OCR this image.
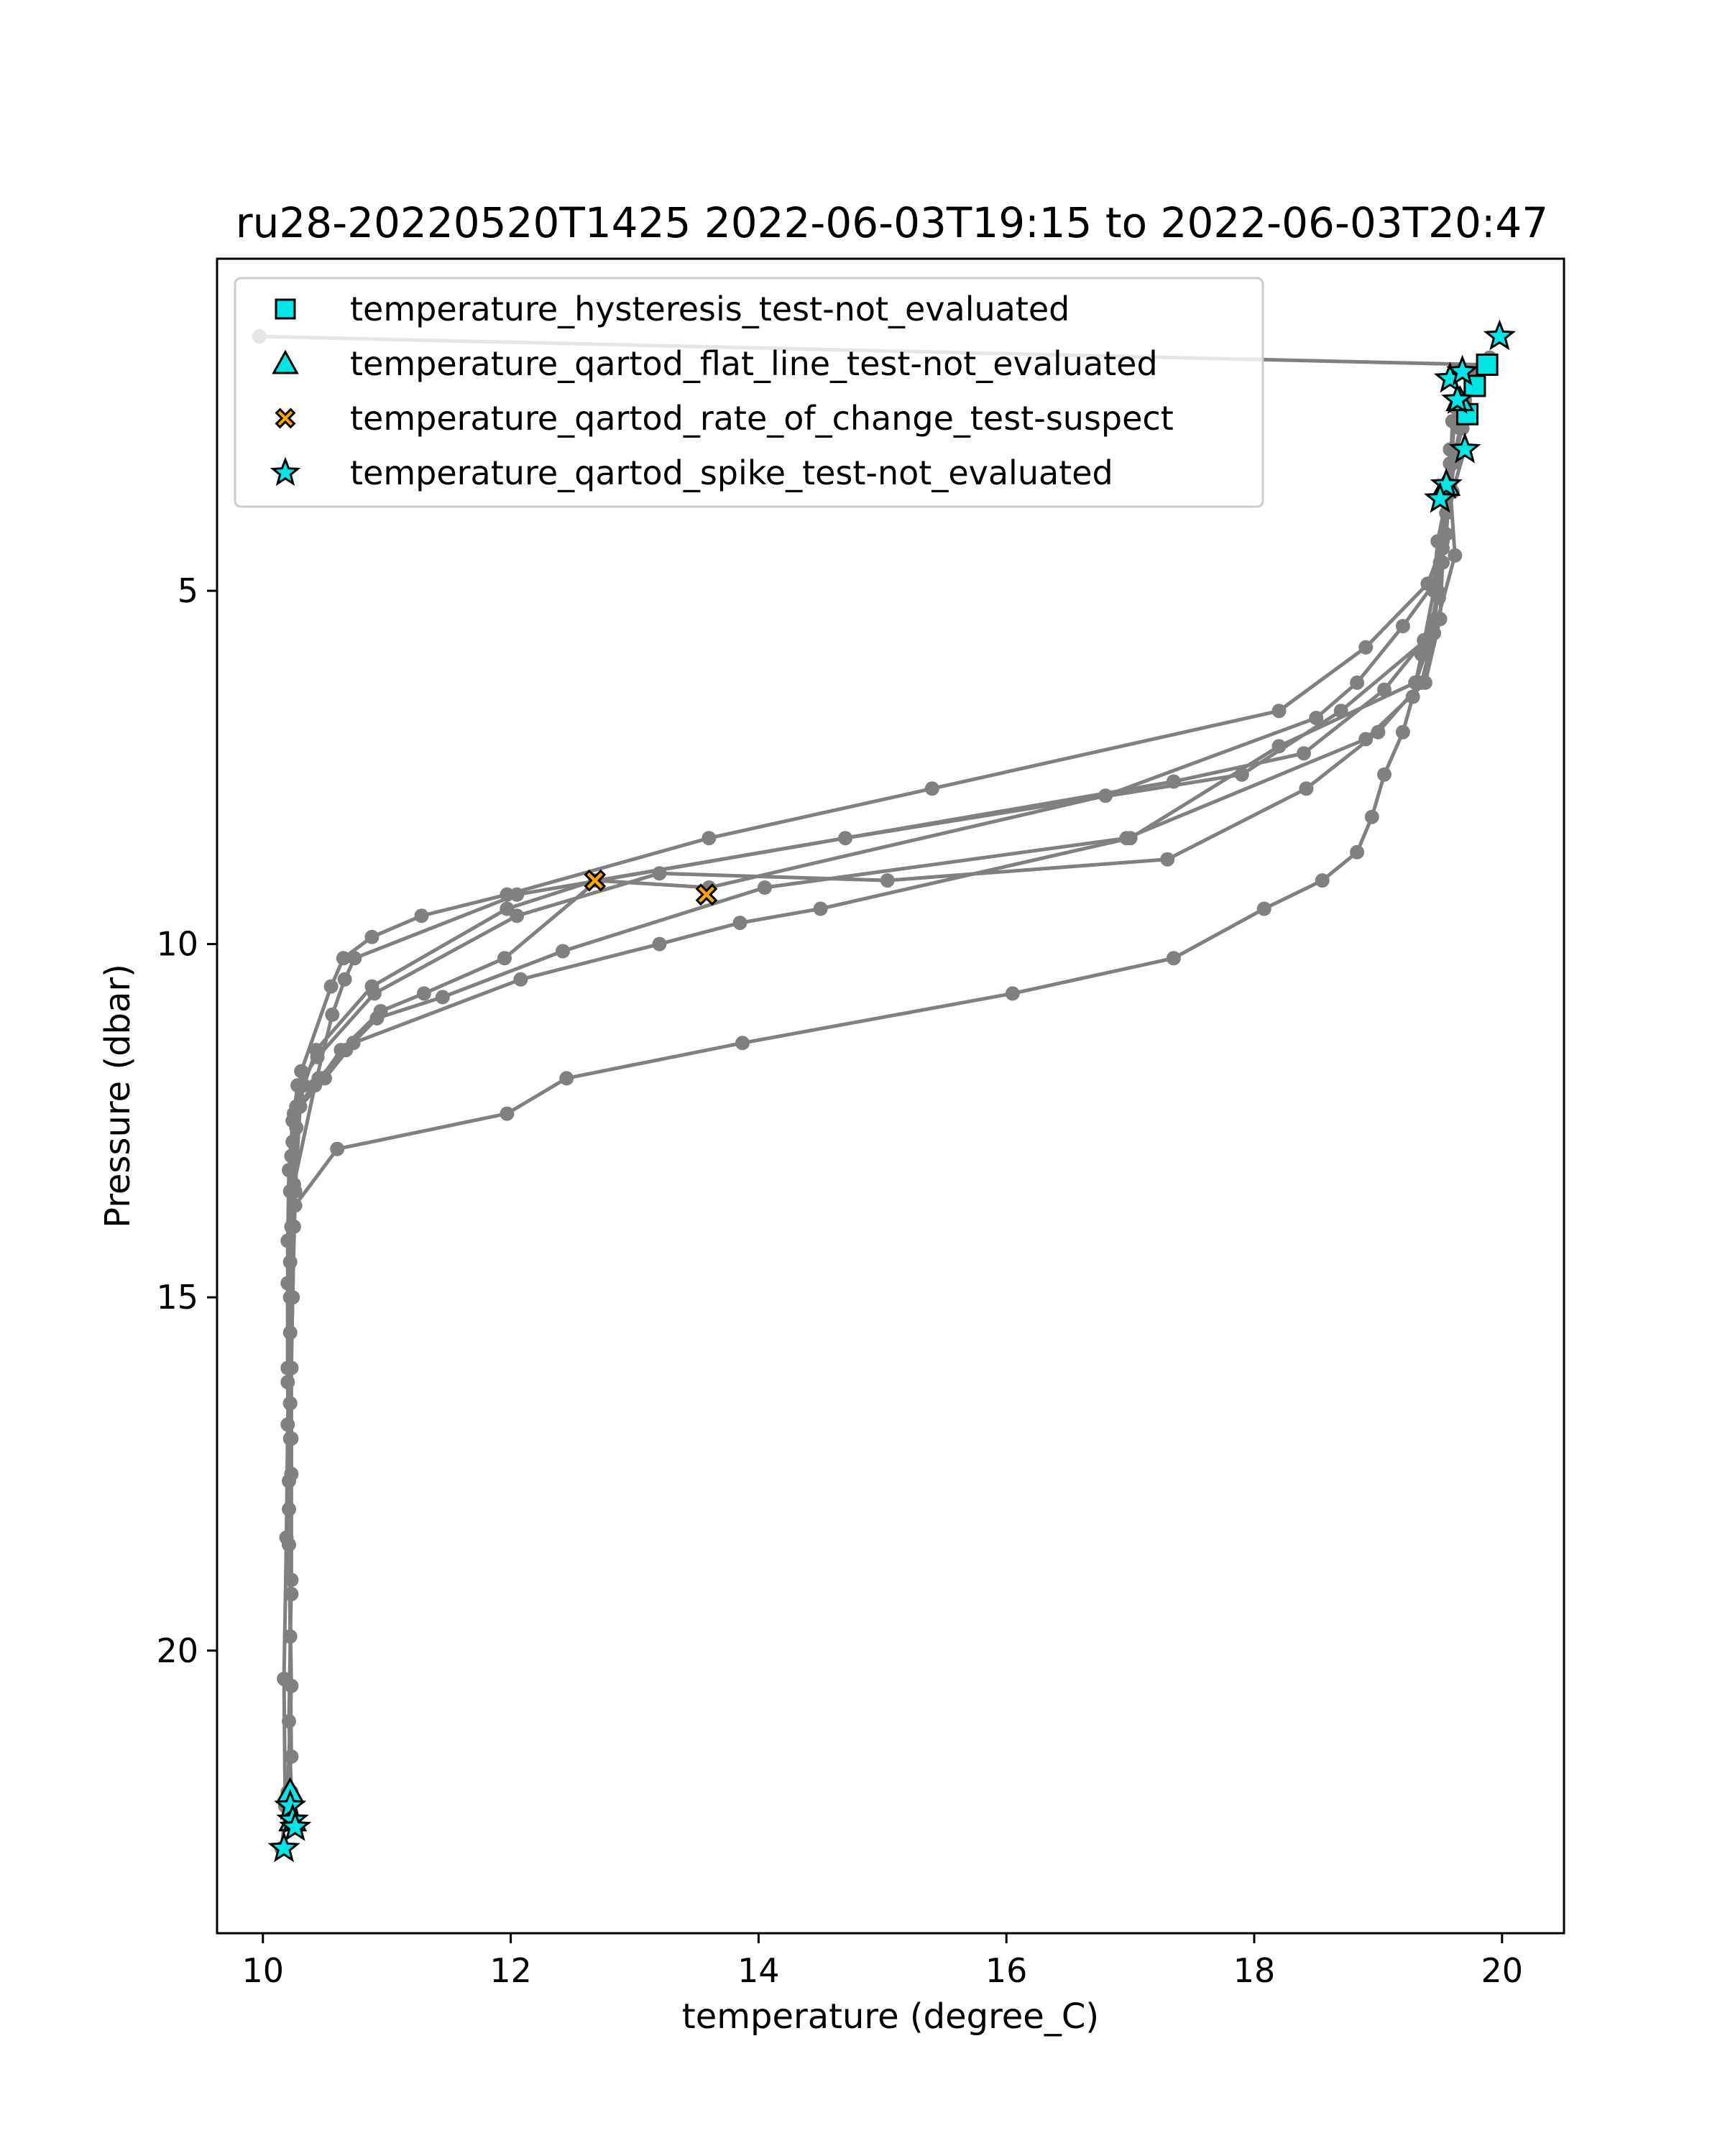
ru28-20220520T1425 2022-06-03T19:15 to 2022-06-03T20:47
10	12	14	16	18	20
5
10
15
20
temperature (degree_C)
Pressure (dbar)
temperature_hysteresis_test-not_evaluated
temperature_qartod_flat_line_test-not_evaluated
temperature_qartod_rate_of_change_test-suspect
temperature_qartod_spike_test-not_evaluated
